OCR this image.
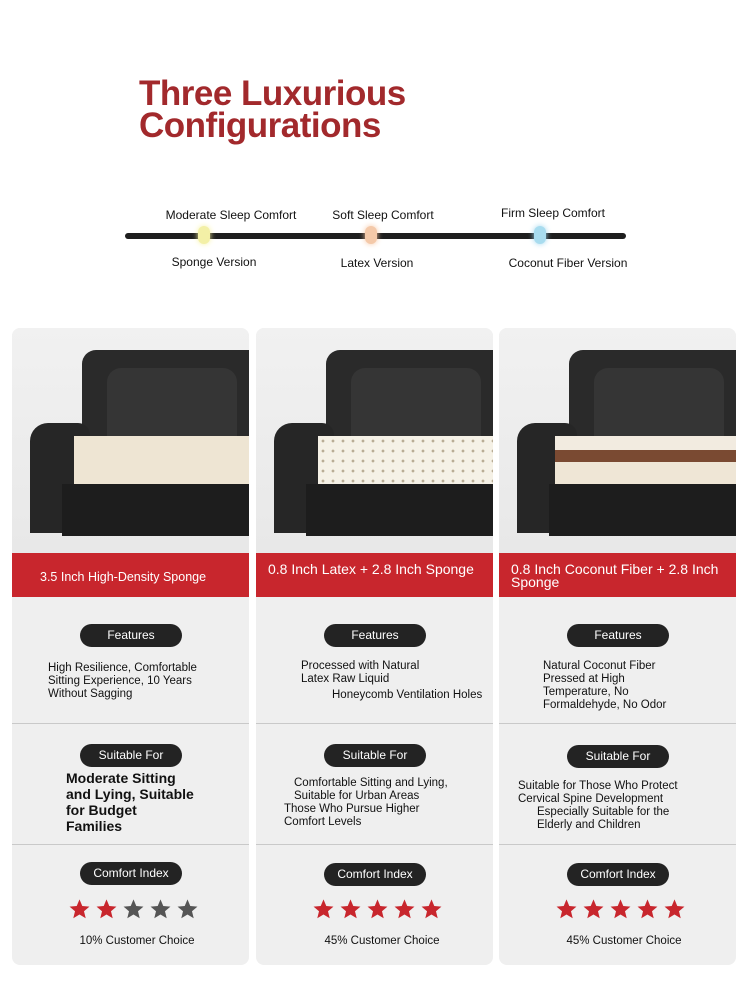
Three Luxurious
Configurations
Moderate Sleep Comfort	Soft Sleep Comfort	Firm Sleep Comfort
Sponge Version	Latex Version	Coconut Fiber Version
3.5 Inch High-Density Sponge
Features
High Resilience, Comfortable
Sitting Experience, 10 Years
Without Sagging
Suitable For
Moderate Sitting
and Lying, Suitable
for Budget
Families
Comfort Index
10% Customer Choice
0.8 Inch Latex + 2.8 Inch Sponge
Features
Processed with Natural
Latex Raw Liquid
Honeycomb Ventilation Holes
Suitable For
Comfortable Sitting and Lying,
Suitable for Urban Areas
Those Who Pursue Higher
Comfort Levels
Comfort Index
45% Customer Choice
0.8 Inch Coconut Fiber + 2.8 Inch Sponge
Features
Natural Coconut Fiber
Pressed at High
Temperature, No
Formaldehyde, No Odor
Suitable For
Suitable for Those Who Protect
Cervical Spine Development
Especially Suitable for the
Elderly and Children
Comfort Index
45% Customer Choice
